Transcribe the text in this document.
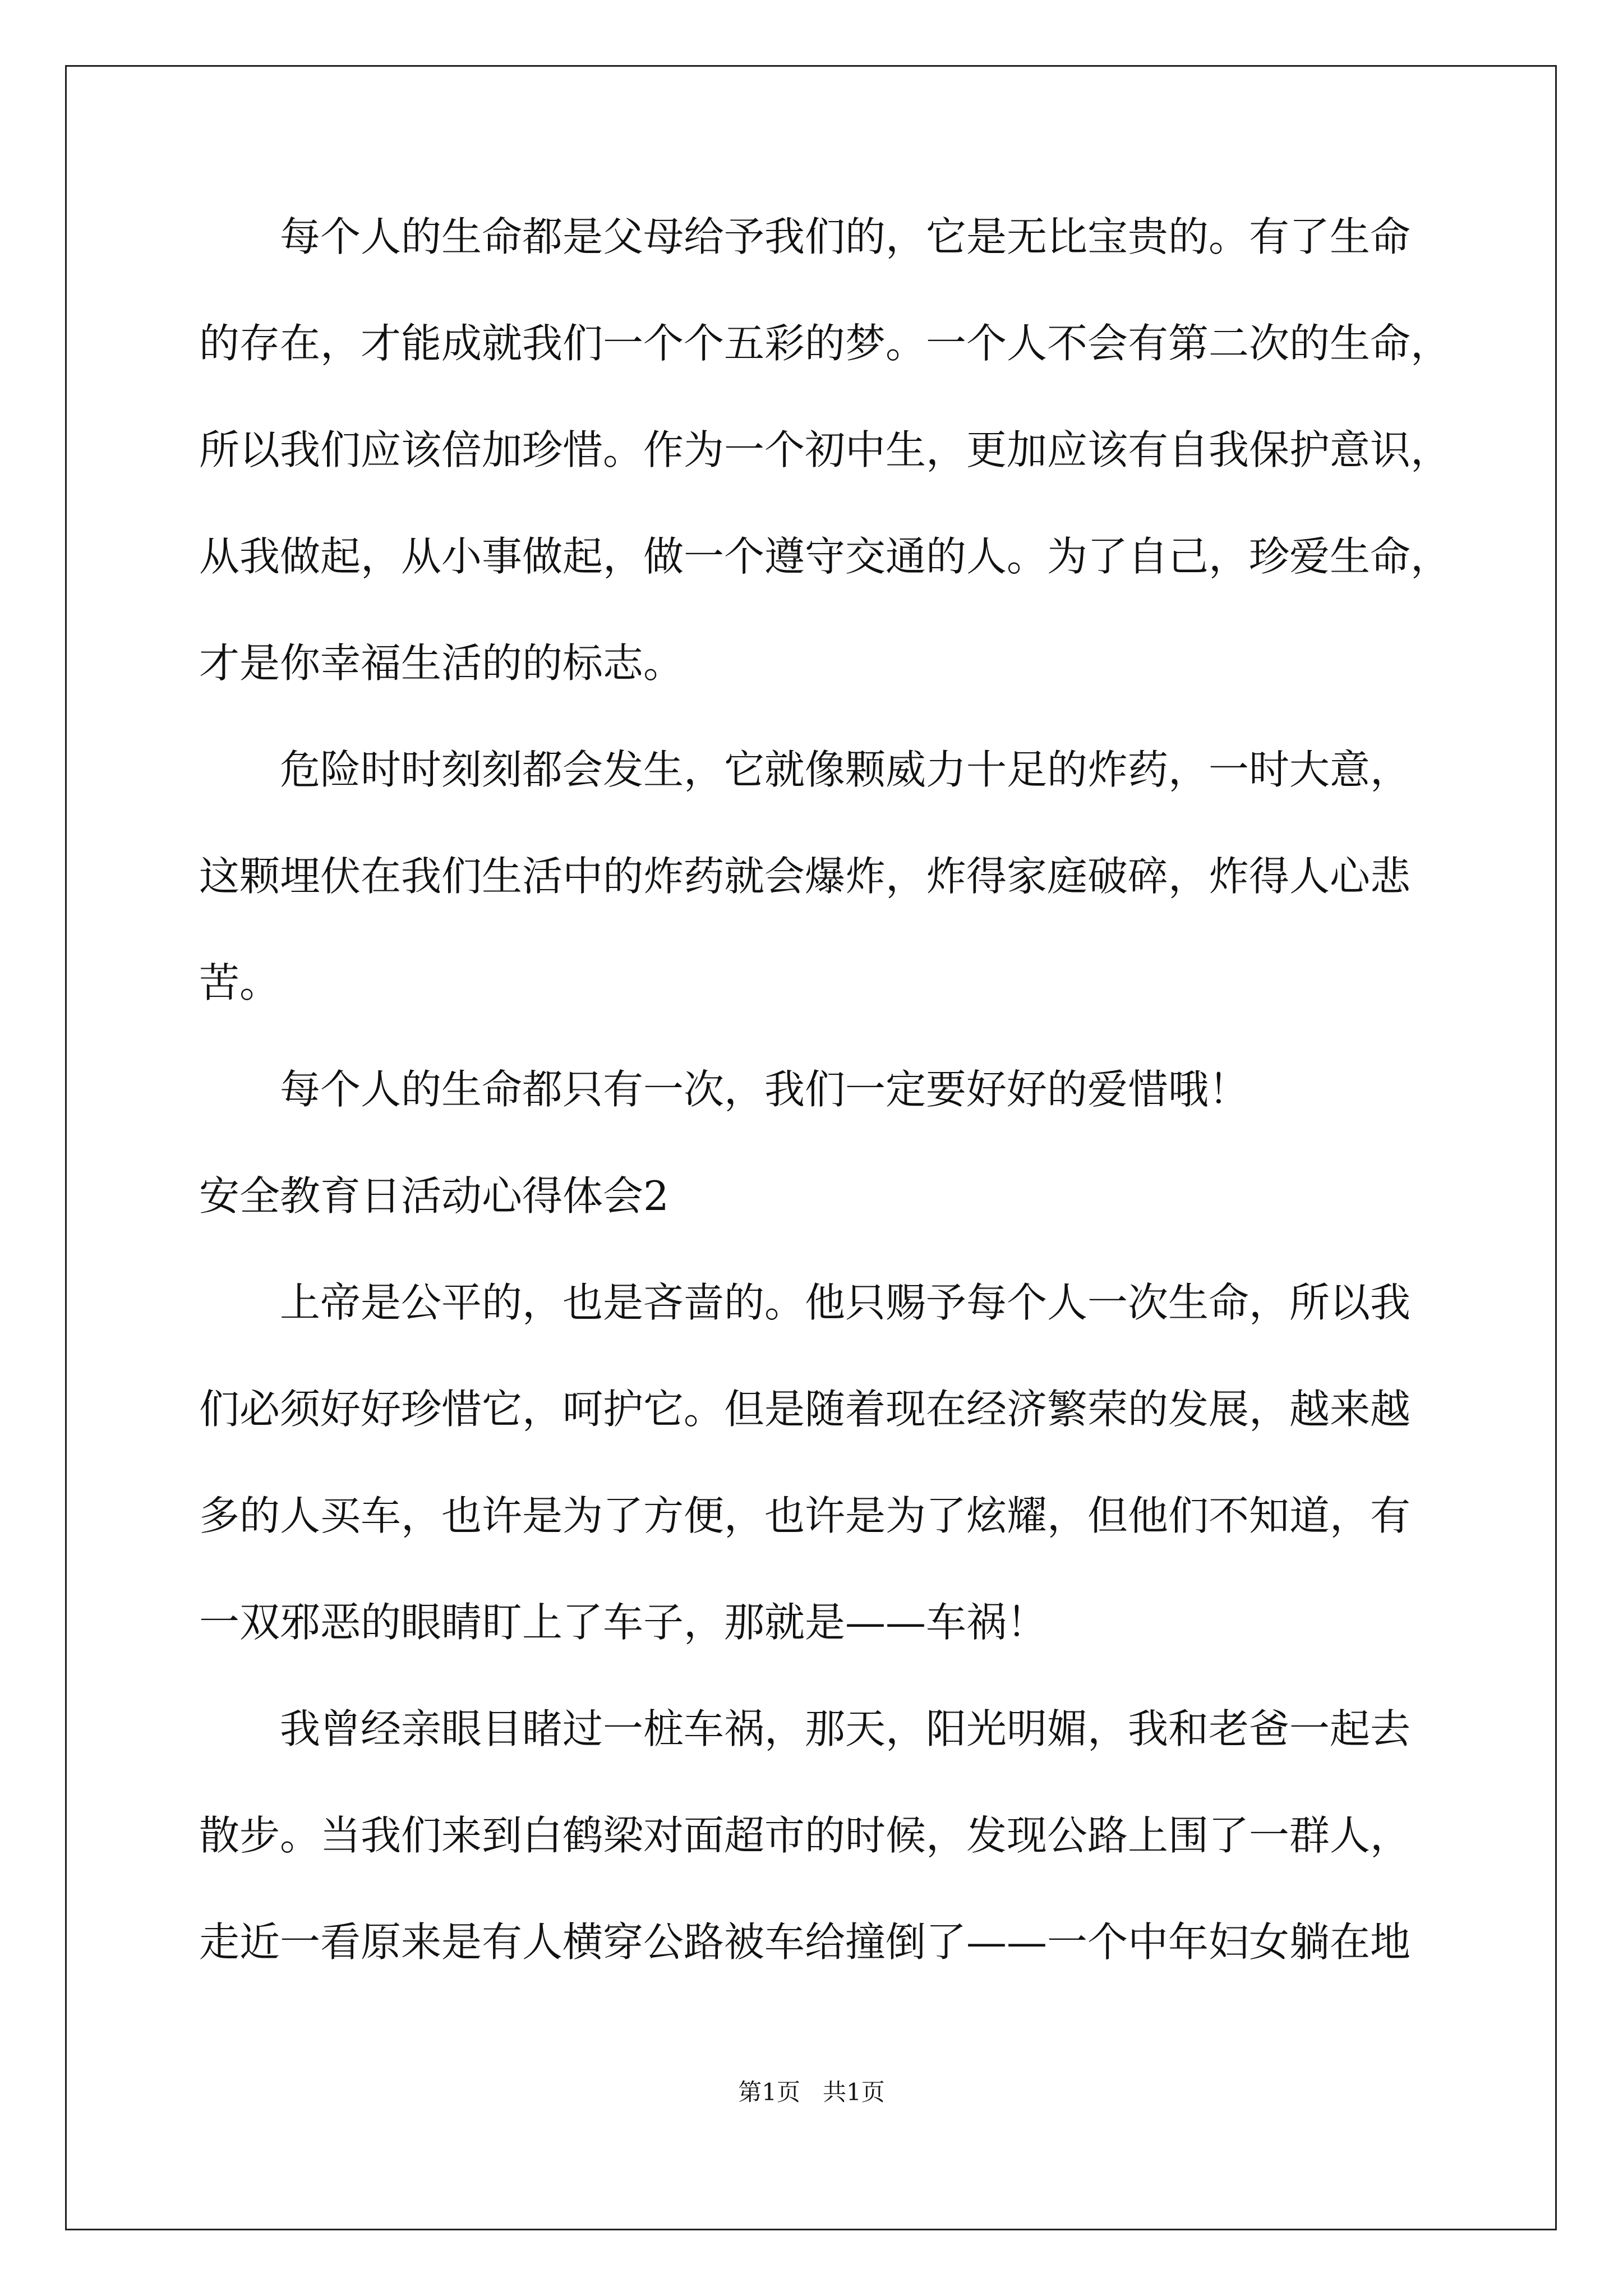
每个人的生命都是父母给予我们的，它是无比宝贵的。有了生命
的存在，才能成就我们一个个五彩的梦。一个人不会有第二次的生命，
所以我们应该倍加珍惜。作为一个初中生，更加应该有自我保护意识，
从我做起，从小事做起，做一个遵守交通的人。为了自己，珍爱生命，
才是你幸福生活的的标志。
危险时时刻刻都会发生，它就像颗威力十足的炸药，一时大意，
这颗埋伏在我们生活中的炸药就会爆炸，炸得家庭破碎，炸得人心悲
苦。
每个人的生命都只有一次，我们一定要好好的爱惜哦！
安全教育日活动心得体会2
上帝是公平的，也是吝啬的。他只赐予每个人一次生命，所以我
们必须好好珍惜它，呵护它。但是随着现在经济繁荣的发展，越来越
多的人买车，也许是为了方便，也许是为了炫耀，但他们不知道，有
一双邪恶的眼睛盯上了车子，那就是——车祸！
我曾经亲眼目睹过一桩车祸，那天，阳光明媚，我和老爸一起去
散步。当我们来到白鹤梁对面超市的时候，发现公路上围了一群人，
走近一看原来是有人横穿公路被车给撞倒了——一个中年妇女躺在地
第1页 共1页
